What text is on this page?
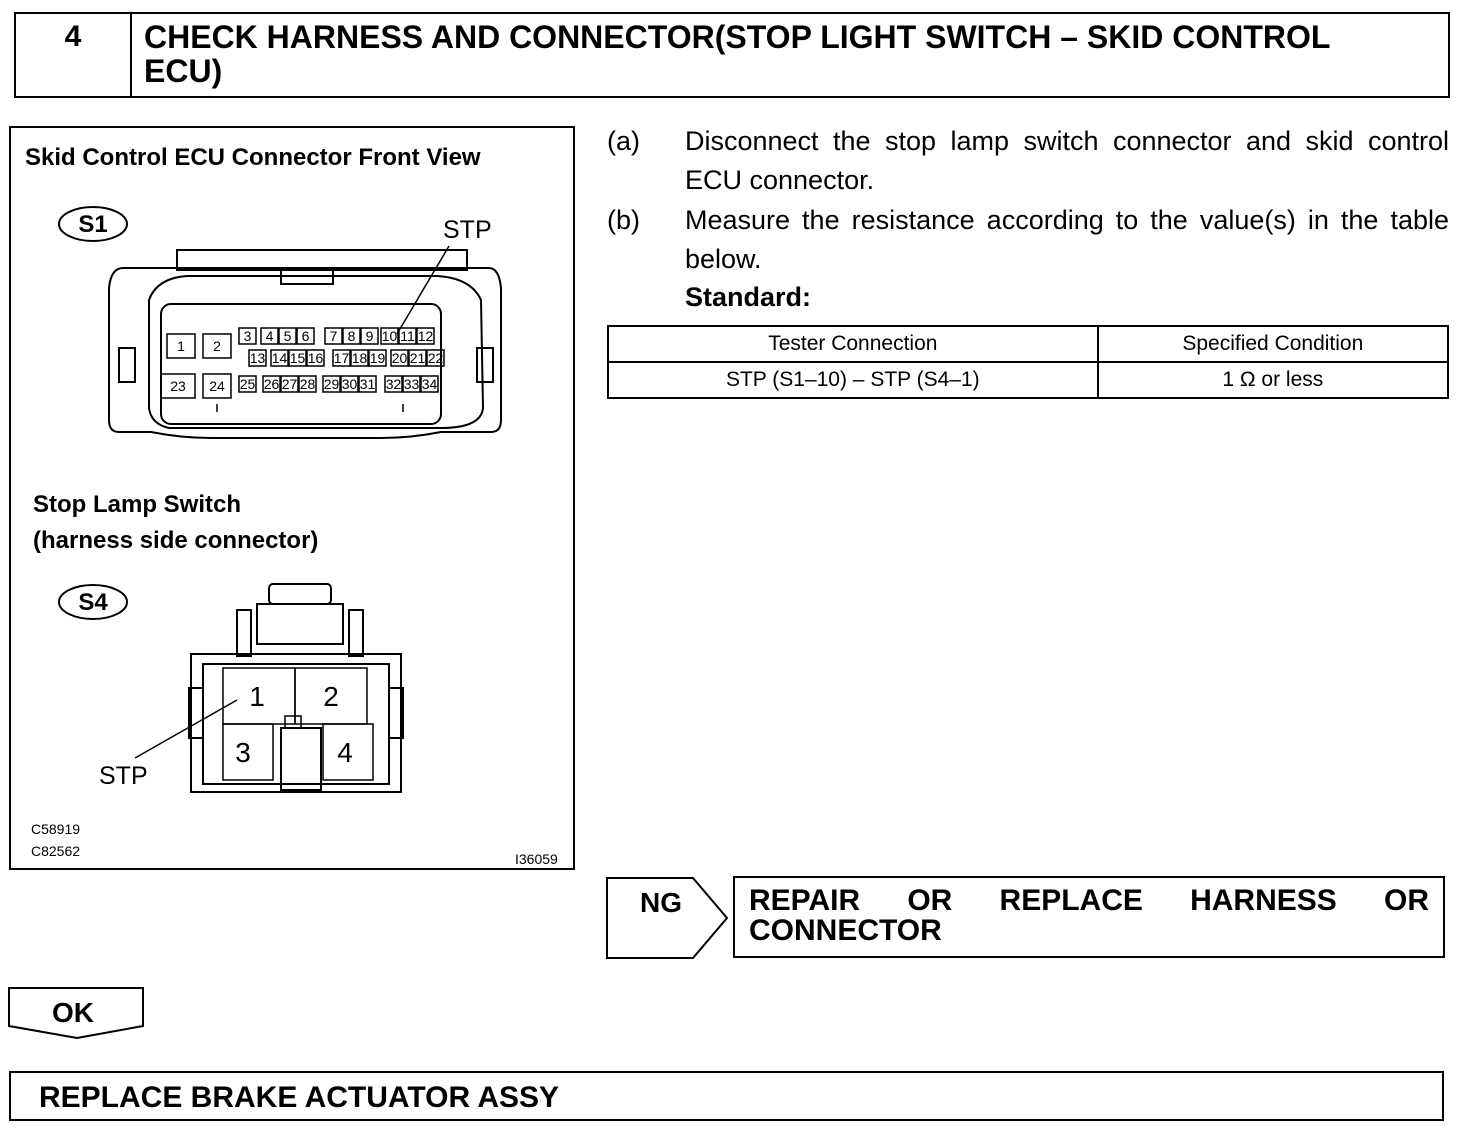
4	CHECK HARNESS AND CONNECTOR(STOP LIGHT SWITCH – SKID CONTROL ECU)
Skid Control ECU Connector Front View
S1	STP
1 2
3 4 5 6 7 8 9 10 11 12
13 14 15 16 17 18 19 20 21 22
23 24 25 26 27 28 29 30 31 32 33 34
Stop Lamp Switch
(harness side connector)
S4
1 2
3	4
STP
C58919
C82562	I36059
(a) Disconnect the stop lamp switch connector and skid control ECU connector.
(b) Measure the resistance according to the value(s) in the table below.
Standard:
Tester Connection	Specified Condition
STP (S1–10) – STP (S4–1)	1 Ω or less
NG REPAIR OR REPLACE HARNESS OR CONNECTOR
OK
REPLACE BRAKE ACTUATOR ASSY
